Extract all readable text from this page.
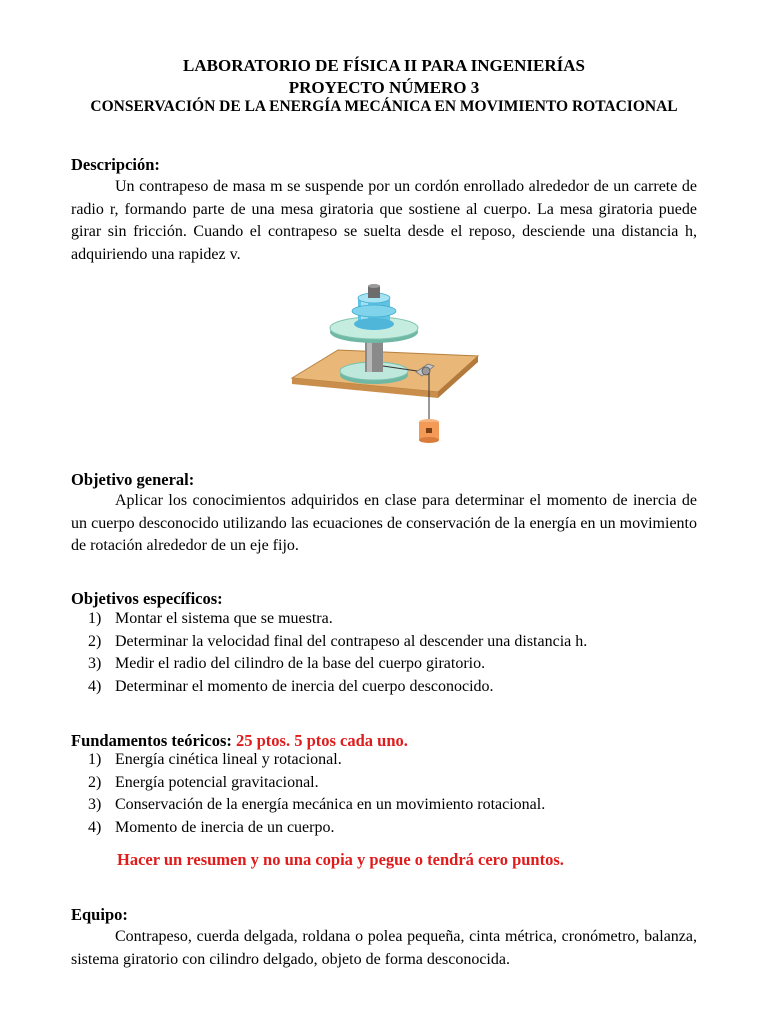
LABORATORIO DE FÍSICA II PARA INGENIERÍAS
PROYECTO NÚMERO 3
CONSERVACIÓN DE LA ENERGÍA MECÁNICA EN MOVIMIENTO ROTACIONAL
Descripción:

Un contrapeso de masa m se suspende por un cordón enrollado alrededor de un carrete de radio r, formando parte de una mesa giratoria que sostiene al cuerpo. La mesa giratoria puede girar sin fricción. Cuando el contrapeso se suelta desde el reposo, desciende una distancia h, adquiriendo una rapidez v.

Objetivo general:

Aplicar los conocimientos adquiridos en clase para determinar el momento de inercia de un cuerpo desconocido utilizando las ecuaciones de conservación de la energía en un movimiento de rotación alrededor de un eje fijo.

Objetivos específicos:
1) Montar el sistema que se muestra.
2) Determinar la velocidad final del contrapeso al descender una distancia h.
3) Medir el radio del cilindro de la base del cuerpo giratorio.
4) Determinar el momento de inercia del cuerpo desconocido.
Fundamentos teóricos: 25 ptos. 5 ptos cada uno.
1) Energía cinética lineal y rotacional.
2) Energía potencial gravitacional.
3) Conservación de la energía mecánica en un movimiento rotacional.
4) Momento de inercia de un cuerpo.
Hacer un resumen y no una copia y pegue o tendrá cero puntos.
Equipo:

Contrapeso, cuerda delgada, roldana o polea pequeña, cinta métrica, cronómetro, balanza, sistema giratorio con cilindro delgado, objeto de forma desconocida.
